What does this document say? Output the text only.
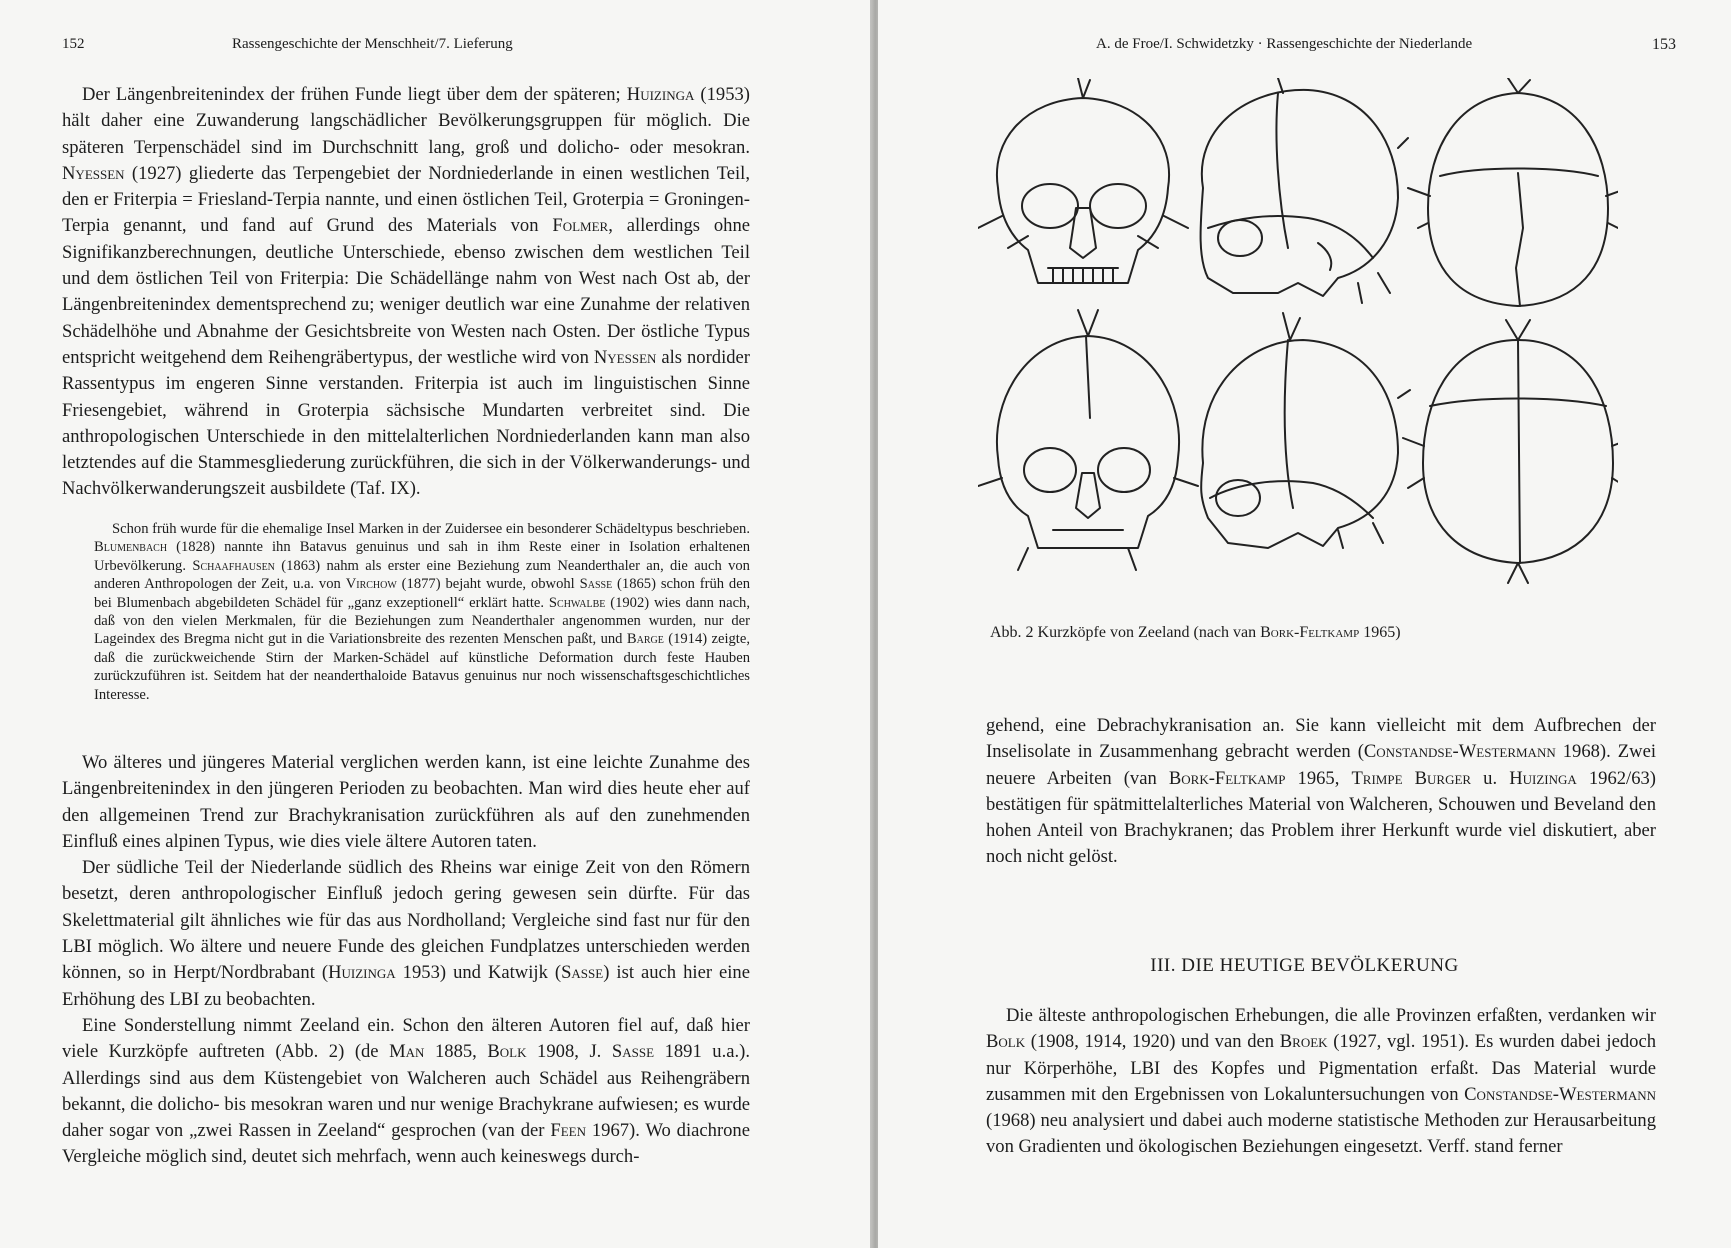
152	Rassengeschichte der Menschheit/7. Lieferung

Der Längenbreitenindex der frühen Funde liegt über dem der späteren; Huizinga (1953) hält daher eine Zuwanderung langschädlicher Bevölkerungsgruppen für möglich. Die späteren Terpenschädel sind im Durchschnitt lang, groß und dolicho- oder mesokran. Nyessen (1927) gliederte das Terpengebiet der Nordniederlande in einen westlichen Teil, den er Friterpia = Friesland-Terpia nannte, und einen östlichen Teil, Groterpia = Groningen-Terpia genannt, und fand auf Grund des Materials von Folmer, allerdings ohne Signifikanzberechnungen, deutliche Unterschiede, ebenso zwischen dem westlichen Teil und dem östlichen Teil von Friterpia: Die Schädellänge nahm von West nach Ost ab, der Längenbreitenindex dementsprechend zu; weniger deutlich war eine Zunahme der relativen Schädelhöhe und Abnahme der Gesichtsbreite von Westen nach Osten. Der östliche Typus entspricht weitgehend dem Reihengräbertypus, der westliche wird von Nyessen als nordider Rassentypus im engeren Sinne verstanden. Friterpia ist auch im linguistischen Sinne Friesengebiet, während in Groterpia sächsische Mundarten verbreitet sind. Die anthropologischen Unterschiede in den mittelalterlichen Nordniederlanden kann man also letztendes auf die Stammesgliederung zurückführen, die sich in der Völkerwanderungs- und Nachvölkerwanderungszeit ausbildete (Taf. IX).

Schon früh wurde für die ehemalige Insel Marken in der Zuidersee ein besonderer Schädeltypus beschrieben. Blumenbach (1828) nannte ihn Batavus genuinus und sah in ihm Reste einer in Isolation erhaltenen Urbevölkerung. Schaafhausen (1863) nahm als erster eine Beziehung zum Neanderthaler an, die auch von anderen Anthropologen der Zeit, u.a. von Virchow (1877) bejaht wurde, obwohl Sasse (1865) schon früh den bei Blumenbach abgebildeten Schädel für „ganz exzeptionell“ erklärt hatte. Schwalbe (1902) wies dann nach, daß von den vielen Merkmalen, für die Beziehungen zum Neanderthaler angenommen wurden, nur der Lageindex des Bregma nicht gut in die Variationsbreite des rezenten Menschen paßt, und Barge (1914) zeigte, daß die zurückweichende Stirn der Marken-Schädel auf künstliche Deformation durch feste Hauben zurückzuführen ist. Seitdem hat der neanderthaloide Batavus genuinus nur noch wissenschaftsgeschichtliches Interesse.

Wo älteres und jüngeres Material verglichen werden kann, ist eine leichte Zunahme des Längenbreitenindex in den jüngeren Perioden zu beobachten. Man wird dies heute eher auf den allgemeinen Trend zur Brachykranisation zurückführen als auf den zunehmenden Einfluß eines alpinen Typus, wie dies viele ältere Autoren taten.

Der südliche Teil der Niederlande südlich des Rheins war einige Zeit von den Römern besetzt, deren anthropologischer Einfluß jedoch gering gewesen sein dürfte. Für das Skelettmaterial gilt ähnliches wie für das aus Nordholland; Vergleiche sind fast nur für den LBI möglich. Wo ältere und neuere Funde des gleichen Fundplatzes unterschieden werden können, so in Herpt/Nordbrabant (Huizinga 1953) und Katwijk (Sasse) ist auch hier eine Erhöhung des LBI zu beobachten.

Eine Sonderstellung nimmt Zeeland ein. Schon den älteren Autoren fiel auf, daß hier viele Kurzköpfe auftreten (Abb. 2) (de Man 1885, Bolk 1908, J. Sasse 1891 u.a.). Allerdings sind aus dem Küstengebiet von Walcheren auch Schädel aus Reihengräbern bekannt, die dolicho- bis mesokran waren und nur wenige Brachykrane aufwiesen; es wurde daher sogar von „zwei Rassen in Zeeland“ gesprochen (van der Feen 1967). Wo diachrone Vergleiche möglich sind, deutet sich mehrfach, wenn auch keineswegs durch-

A. de Froe/I. Schwidetzky · Rassengeschichte der Niederlande	153
Abb. 2 Kurzköpfe von Zeeland (nach van Bork-Feltkamp 1965)

gehend, eine Debrachykranisation an. Sie kann vielleicht mit dem Aufbrechen der Inselisolate in Zusammenhang gebracht werden (Constandse-Westermann 1968). Zwei neuere Arbeiten (van Bork-Feltkamp 1965, Trimpe Burger u. Huizinga 1962/63) bestätigen für spätmittelalterliches Material von Walcheren, Schouwen und Beveland den hohen Anteil von Brachykranen; das Problem ihrer Herkunft wurde viel diskutiert, aber noch nicht gelöst.

III. DIE HEUTIGE BEVÖLKERUNG

Die älteste anthropologischen Erhebungen, die alle Provinzen erfaßten, verdanken wir Bolk (1908, 1914, 1920) und van den Broek (1927, vgl. 1951). Es wurden dabei jedoch nur Körperhöhe, LBI des Kopfes und Pigmentation erfaßt. Das Material wurde zusammen mit den Ergebnissen von Lokaluntersuchungen von Constandse-Westermann (1968) neu analysiert und dabei auch moderne statistische Methoden zur Herausarbeitung von Gradienten und ökologischen Beziehungen eingesetzt. Verff. stand ferner
